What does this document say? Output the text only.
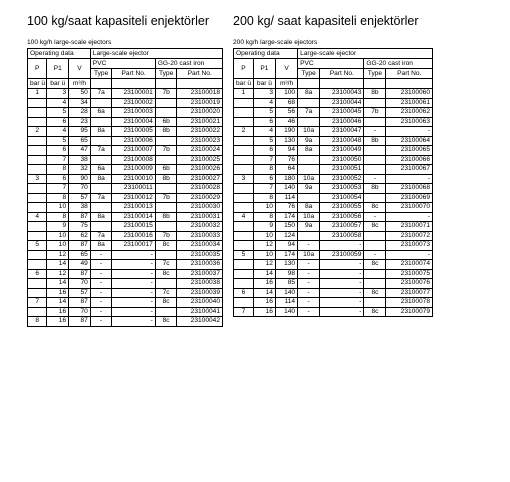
100 kg/saat kapasiteli enjektörler
100 kg/h large-scale ejectors
Operating data			Large-scale ejector			
P	P1	V	PVC		GG-20 cast iron	
			Type	Part No.	Type	Part No.
bar ü	bar ü	m³/h				
1	3	50	7a	23100001	7b	23100018
	4	34		23100002		23100019
	5	28	6a	23100003		23100020
	6	23		23100004	6b	23100021
2	4	95	8a	23100005	8b	23100022
	5	65		23100006		23100023
	6	47	7a	23100007	7b	23100024
	7	38		23100008		23100025
	8	32	6a	23100009	6b	23100026
3	6	90	8a	23100010	8b	23100027
	7	70		23100011		23100028
	8	57	7a	23100012	7b	23100029
	10	38		23100013		23100030
4	8	87	8a	23100014	8b	23100031
	9	75		23100015		23100032
	10	62	7a	23100016	7b	23100033
5	10	87	8a	23100017	8c	23100034
	12	65	-	-		23100035
	14	49	-	-	7c	23100036
6	12	87	-	-	8c	23100037
	14	70	-	-		23100038
	16	57	-	-	7c	23100039
7	14	87	-	-	8c	23100040
	16	70	-	-		23100041
8	16	87	-	-	8c	23100042
200 kg/ saat kapasiteli enjektörler
200 kg/h large-scale ejectors
Operating data			Large-scale ejector			
P	P1	V	PVC		GG-20 cast iron	
			Type	Part No.	Type	Part No.
bar ü	bar ü	m³/h				
1	3	100	8a	23100043	8b	23100060
	4	68		23100044		23100061
	5	56	7a	23100045	7b	23100062
	6	46		23100046		23100063
2	4	190	10a	23100047	-	-
	5	130	9a	23100048	8b	23100064
	6	94	8a	23100049		23100065
	7	76		23100050		23100066
	8	64		23100051		23100067
3	6	180	10a	23100052	-	-
	7	140	9a	23100053	8b	23100068
	8	114		23100054		23100069
	10	76	8a	23100055	8c	23100070
4	8	174	10a	23100056	-	-
	9	150	9a	23100057	8c	23100071
	10	124		23100058		23100072
	12	94	-	-		23100073
5	10	174	10a	23100059	-	-
	12	130	-	-	8c	23100074
	14	98	-	-		23100075
	16	85	-	-		23100076
6	14	140	-	-	8c	23100077
	16	114	-	-		23100078
7	16	140	-	-	8c	23100079
